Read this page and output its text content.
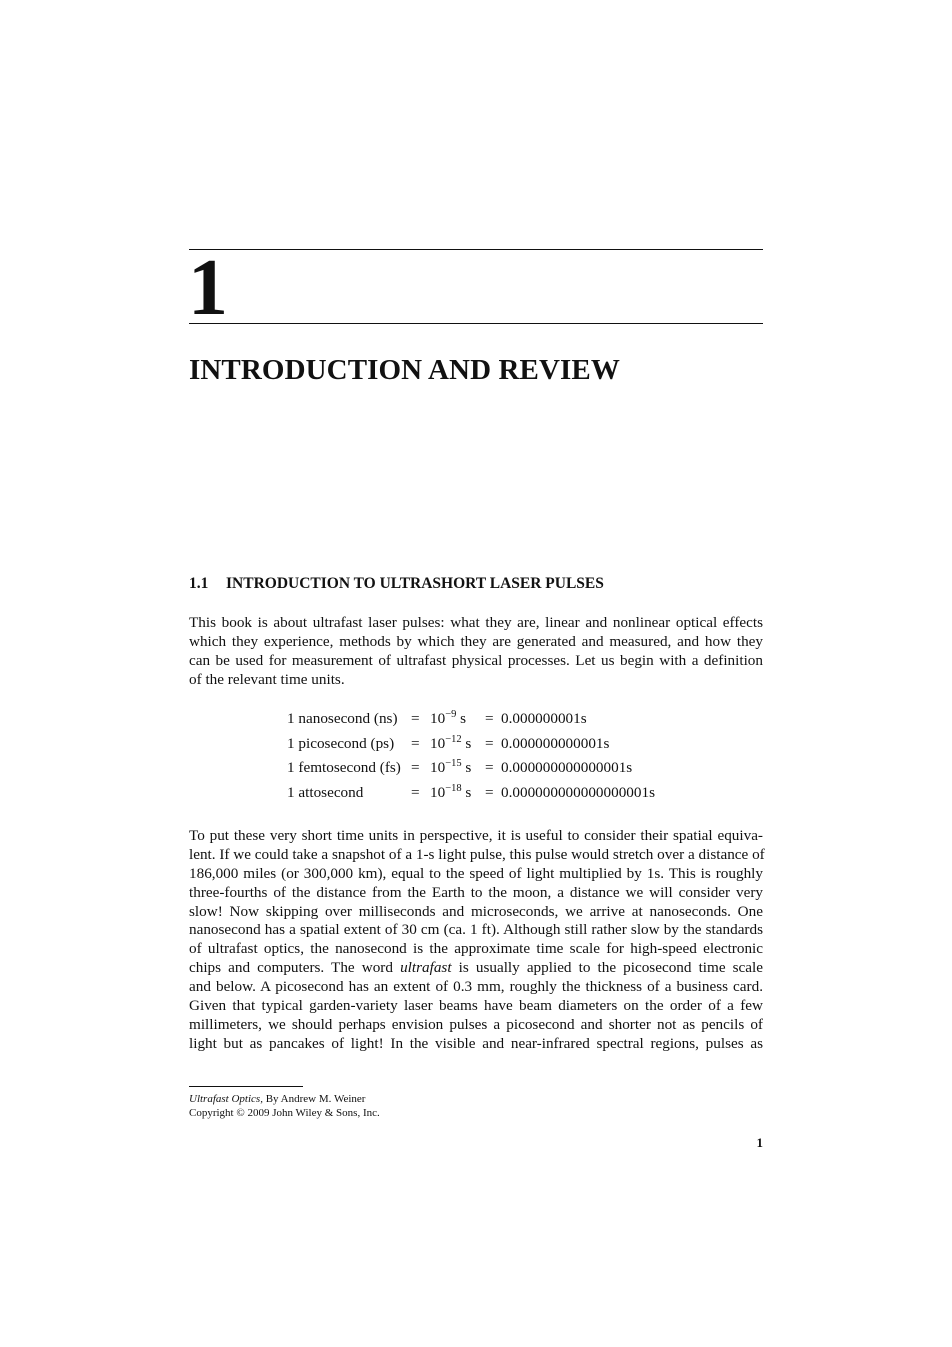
1
INTRODUCTION AND REVIEW
1.1 INTRODUCTION TO ULTRASHORT LASER PULSES
This book is about ultrafast laser pulses: what they are, linear and nonlinear optical effects
which they experience, methods by which they are generated and measured, and how they
can be used for measurement of ultrafast physical processes. Let us begin with a definition
of the relevant time units.
1 nanosecond $(ns) = 10^{-9}$ s = 0.000000001s
1 picosecond $(ps) = 10^{-12}$ s = 0.000000000001s
1 femtosecond $(fs) = 10^{-15}$ s = 0.000000000000001s
1 attosecond	= $10^{-18}$ s = 0.000000000000000001s
To put these very short time units in perspective, it is useful to consider their spatial equiva-
lent. If we could take a snapshot of a 1-s light pulse, this pulse would stretch over a distance of
186,000 miles (or 300,000 km), equal to the speed of light multiplied by 1s. This is roughly
three-fourths of the distance from the Earth to the moon, a distance we will consider very
slow! Now skipping over milliseconds and microseconds, we arrive at nanoseconds. One
nanosecond has a spatial extent of 30 cm (ca. 1 ft). Although still rather slow by the standards
of ultrafast optics, the nanosecond is the approximate time scale for high-speed electronic
chips and computers. The word ultrafast is usually applied to the picosecond time scale
and below. A picosecond has an extent of 0.3 mm, roughly the thickness of a business card.
Given that typical garden-variety laser beams have beam diameters on the order of a few
millimeters, we should perhaps envision pulses a picosecond and shorter not as pencils of
light but as pancakes of light! In the visible and near-infrared spectral regions, pulses as
Ultrafast Optics, By Andrew M. Weiner
Copyright © 2009 John Wiley & Sons, Inc.
1
